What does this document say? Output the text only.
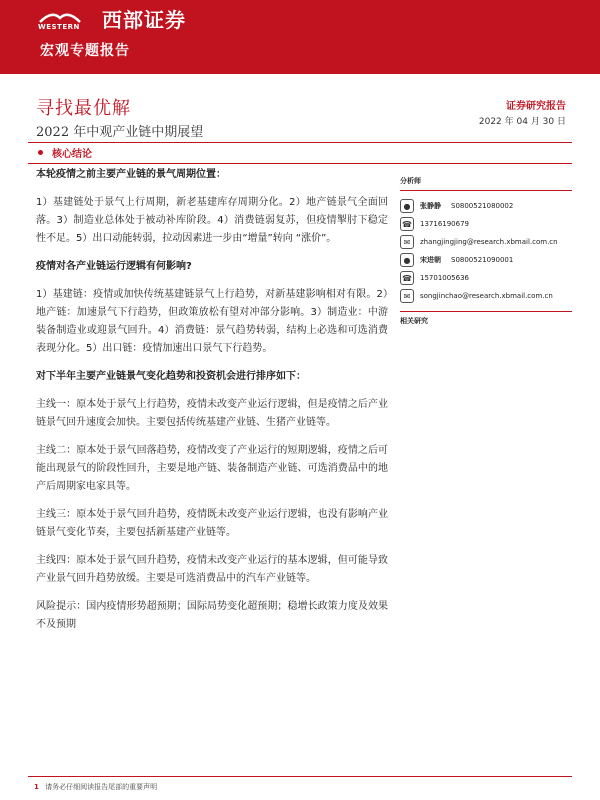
WESTERN 西部证券
宏观专题报告
寻找最优解
2022 年中观产业链中期展望
证券研究报告
2022 年 04 月 30 日
核心结论

本轮疫情之前主要产业链的景气周期位置：

1）基建链处于景气上行周期，新老基建库存周期分化。2）地产链景气全面回落。3）制造业总体处于被动补库阶段。4）消费链弱复苏，但疫情掣肘下稳定性不足。5）出口动能转弱，拉动因素进一步由“增量”转向 “涨价”。

疫情对各产业链运行逻辑有何影响?

1）基建链：疫情或加快传统基建链景气上行趋势，对新基建影响相对有限。2）地产链：加速景气下行趋势，但政策放松有望对冲部分影响。3）制造业：中游装备制造业或迎景气回升。4）消费链：景气趋势转弱，结构上必选和可选消费表现分化。5）出口链：疫情加速出口景气下行趋势。

对下半年主要产业链景气变化趋势和投资机会进行排序如下：

主线一：原本处于景气上行趋势，疫情未改变产业运行逻辑，但是疫情之后产业链景气回升速度会加快。主要包括传统基建产业链、生猪产业链等。

主线二：原本处于景气回落趋势，疫情改变了产业运行的短期逻辑，疫情之后可能出现景气的阶段性回升，主要是地产链、装备制造产业链、可选消费品中的地产后周期家电家具等。

主线三：原本处于景气回升趋势，疫情既未改变产业运行逻辑，也没有影响产业链景气变化节奏，主要包括新基建产业链等。

主线四：原本处于景气回升趋势，疫情未改变产业运行的基本逻辑，但可能导致产业景气回升趋势放缓。主要是可选消费品中的汽车产业链等。

风险提示：国内疫情形势超预期；国际局势变化超预期；稳增长政策力度及效果不及预期

分析师
●	张静静 S0800521080002
☎ 13716190679
✉	zhangjingjing@research.xbmail.com.cn
●	宋进朝 S0800521090001
☎ 15701005636
✉	songjinchao@research.xbmail.com.cn
相关研究
1 请务必仔细阅读报告尾部的重要声明
